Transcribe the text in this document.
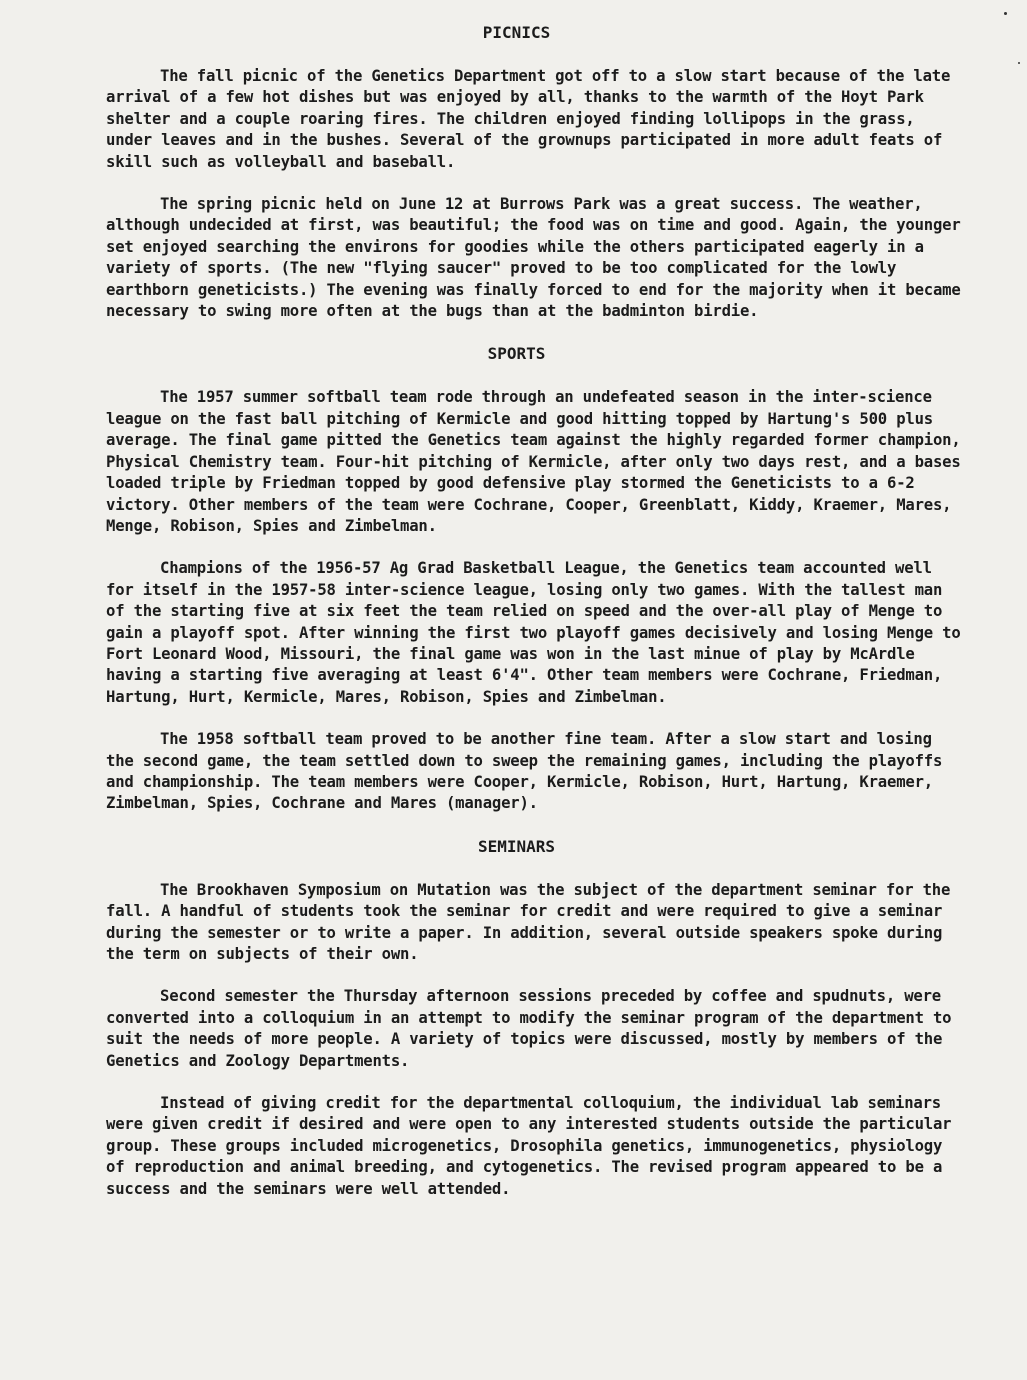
PICNICS

The fall picnic of the Genetics Department got off to a slow start because of the late arrival of a few hot dishes but was enjoyed by all, thanks to the warmth of the Hoyt Park shelter and a couple roaring fires. The children enjoyed finding lollipops in the grass, under leaves and in the bushes. Several of the grownups participated in more adult feats of skill such as volleyball and baseball.

The spring picnic held on June 12 at Burrows Park was a great success. The weather, although undecided at first, was beautiful; the food was on time and good. Again, the younger set enjoyed searching the environs for goodies while the others participated eagerly in a variety of sports. (The new "flying saucer" proved to be too complicated for the lowly earthborn geneticists.) The evening was finally forced to end for the majority when it became necessary to swing more often at the bugs than at the badminton birdie.

SPORTS

The 1957 summer softball team rode through an undefeated season in the inter-science league on the fast ball pitching of Kermicle and good hitting topped by Hartung's 500 plus average. The final game pitted the Genetics team against the highly regarded former champion, Physical Chemistry team. Four-hit pitching of Kermicle, after only two days rest, and a bases loaded triple by Friedman topped by good defensive play stormed the Geneticists to a 6-2 victory. Other members of the team were Cochrane, Cooper, Greenblatt, Kiddy, Kraemer, Mares, Menge, Robison, Spies and Zimbelman.

Champions of the 1956-57 Ag Grad Basketball League, the Genetics team accounted well for itself in the 1957-58 inter-science league, losing only two games. With the tallest man of the starting five at six feet the team relied on speed and the over-all play of Menge to gain a playoff spot. After winning the first two playoff games decisively and losing Menge to Fort Leonard Wood, Missouri, the final game was won in the last minue of play by McArdle having a starting five averaging at least 6'4". Other team members were Cochrane, Friedman, Hartung, Hurt, Kermicle, Mares, Robison, Spies and Zimbelman.

The 1958 softball team proved to be another fine team. After a slow start and losing the second game, the team settled down to sweep the remaining games, including the playoffs and championship. The team members were Cooper, Kermicle, Robison, Hurt, Hartung, Kraemer, Zimbelman, Spies, Cochrane and Mares (manager).

SEMINARS

The Brookhaven Symposium on Mutation was the subject of the department seminar for the fall. A handful of students took the seminar for credit and were required to give a seminar during the semester or to write a paper. In addition, several outside speakers spoke during the term on subjects of their own.

Second semester the Thursday afternoon sessions preceded by coffee and spudnuts, were converted into a colloquium in an attempt to modify the seminar program of the department to suit the needs of more people. A variety of topics were discussed, mostly by members of the Genetics and Zoology Departments.

Instead of giving credit for the departmental colloquium, the individual lab seminars were given credit if desired and were open to any interested students outside the particular group. These groups included microgenetics, Drosophila genetics, immunogenetics, physiology of reproduction and animal breeding, and cytogenetics. The revised program appeared to be a success and the seminars were well attended.
